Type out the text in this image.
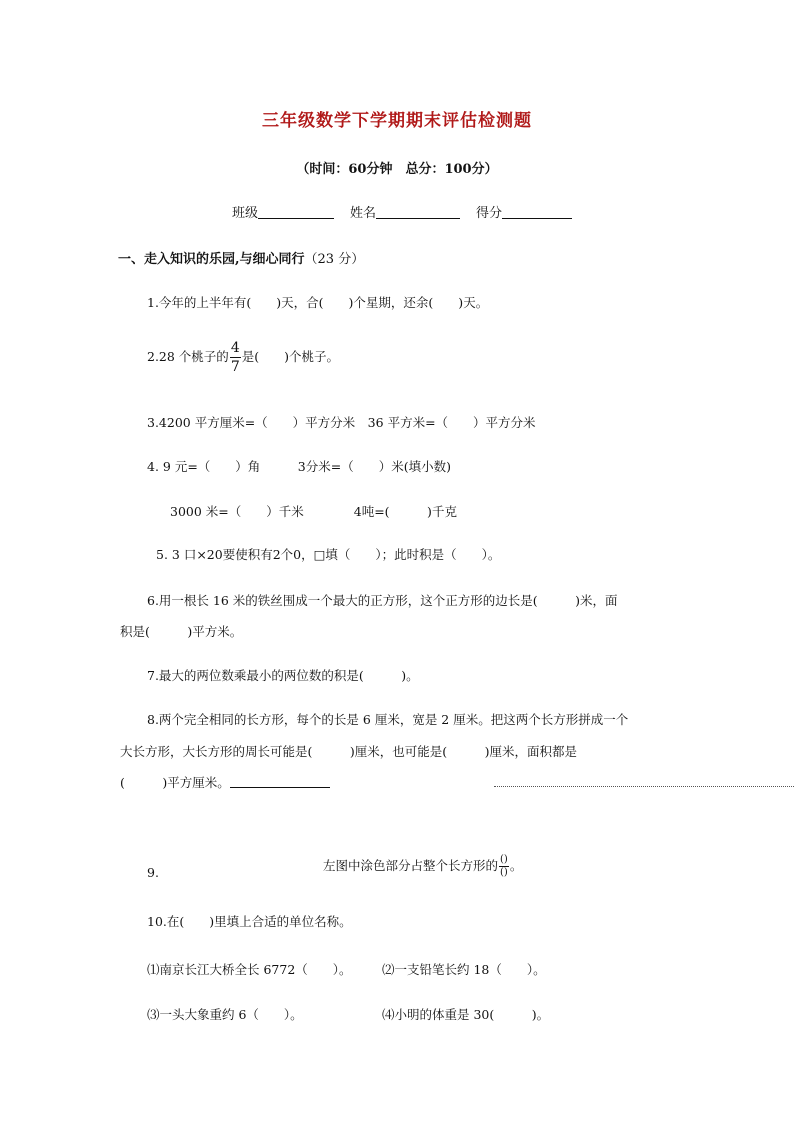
三年级数学下学期期末评估检测题
（时间：60分钟　总分：100分）
班级	姓名	得分
一、走入知识的乐园,与细心同行（23 分）
1.今年的上半年有(　　)天，合(　　)个星期，还余(　　)天。
2.28 个桃子的 $\frac{4}{7}$ 是(　　)个桃子。
3.4200 平方厘米=（　　）平方分米　36 平方米=（　　）平方分米
4. 9 元=（　　）角　　　3分米=（　　）米(填小数)
3000 米=（　　）千米　　　　4吨=(　　　)千克
5. 3 口×20要使积有2个0，□填（　　）；此时积是（　　）。
6.用一根长 16 米的铁丝围成一个最大的正方形，这个正方形的边长是(　　　)米，面
积是(　　　)平方米。
7.最大的两位数乘最小的两位数的积是(　　　)。
8.两个完全相同的长方形，每个的长是 6 厘米，宽是 2 厘米。把这两个长方形拼成一个
大长方形，大长方形的周长可能是(　　　)厘米，也可能是(　　　)厘米，面积都是
(　　　)平方厘米。
9.	左图中涂色部分占整个长方形的 $\frac{()}{()}$ 。
10.在(　　)里填上合适的单位名称。
⑴南京长江大桥全长 6772（　　）。 ⑵一支铅笔长约 18（　　）。
⑶一头大象重约 6（　　）。	⑷小明的体重是 30(　　　)。
